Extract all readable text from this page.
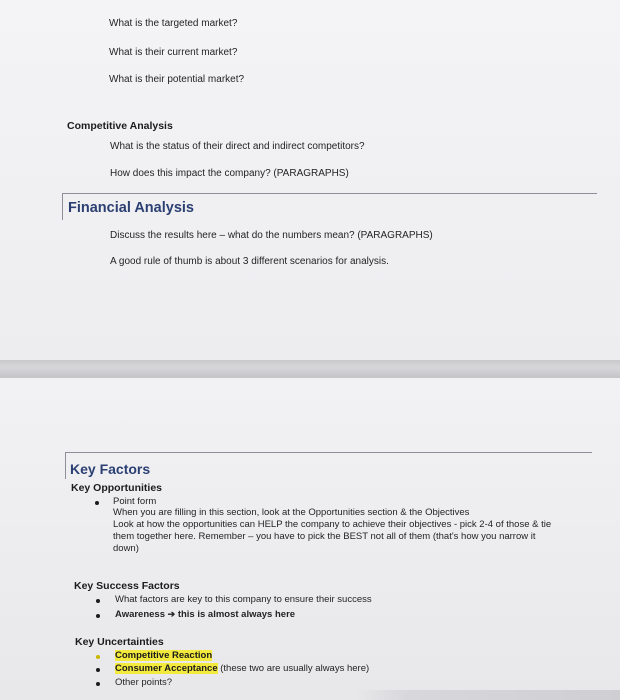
What is the targeted market?
What is their current market?
What is their potential market?
Competitive Analysis
What is the status of their direct and indirect competitors?
How does this impact the company? (PARAGRAPHS)
Financial Analysis
Discuss the results here – what do the numbers mean? (PARAGRAPHS)
A good rule of thumb is about 3 different scenarios for analysis.
Key Factors
Key Opportunities
Point form
When you are filling in this section, look at the Opportunities section & the Objectives
Look at how the opportunities can HELP the company to achieve their objectives - pick 2-4 of those & tie
them together here. Remember – you have to pick the BEST not all of them (that's how you narrow it
down)
Key Success Factors
What factors are key to this company to ensure their success
Awareness ➔ this is almost always here
Key Uncertainties
Competitive Reaction
Consumer Acceptance (these two are usually always here)
Other points?
